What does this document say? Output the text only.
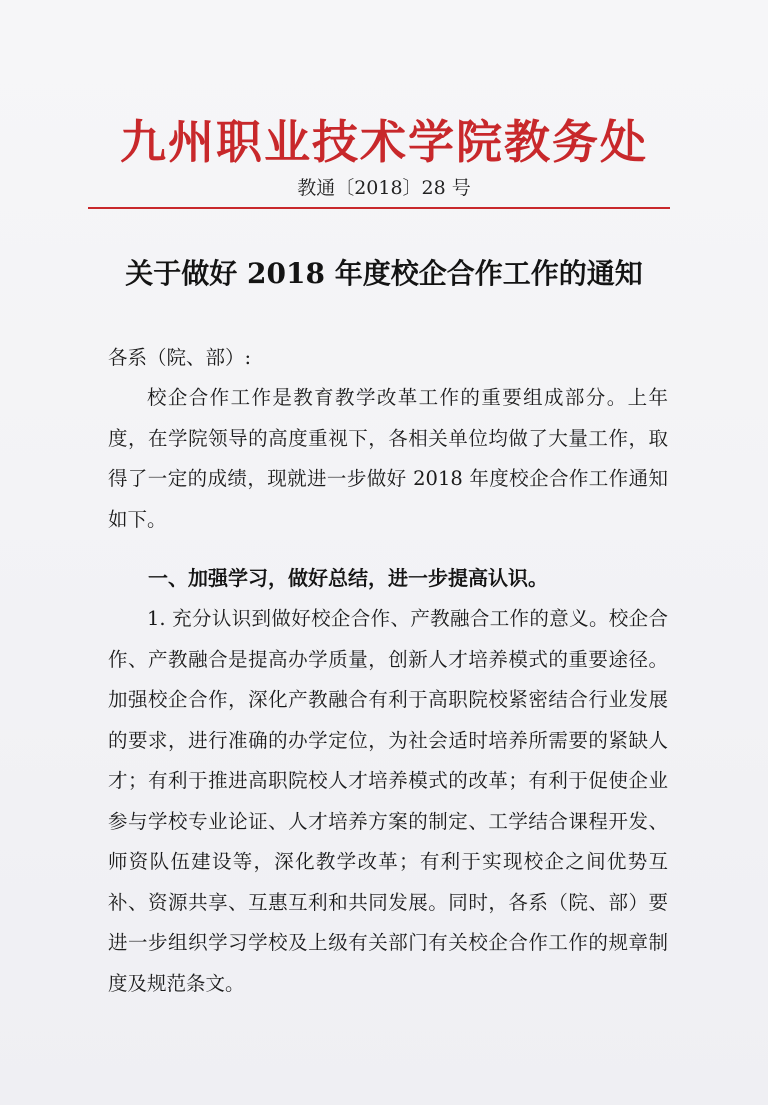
九州职业技术学院教务处
教通〔2018〕28 号
关于做好 2018 年度校企合作工作的通知
各系（院、部）:
校企合作工作是教育教学改革工作的重要组成部分。上年度，在学院领导的高度重视下，各相关单位均做了大量工作，取得了一定的成绩，现就进一步做好 2018 年度校企合作工作通知如下。
一、加强学习，做好总结，进一步提高认识。
1. 充分认识到做好校企合作、产教融合工作的意义。校企合作、产教融合是提高办学质量，创新人才培养模式的重要途径。加强校企合作，深化产教融合有利于高职院校紧密结合行业发展的要求，进行准确的办学定位，为社会适时培养所需要的紧缺人才；有利于推进高职院校人才培养模式的改革；有利于促使企业参与学校专业论证、人才培养方案的制定、工学结合课程开发、师资队伍建设等，深化教学改革；有利于实现校企之间优势互补、资源共享、互惠互利和共同发展。同时，各系（院、部）要进一步组织学习学校及上级有关部门有关校企合作工作的规章制度及规范条文。
